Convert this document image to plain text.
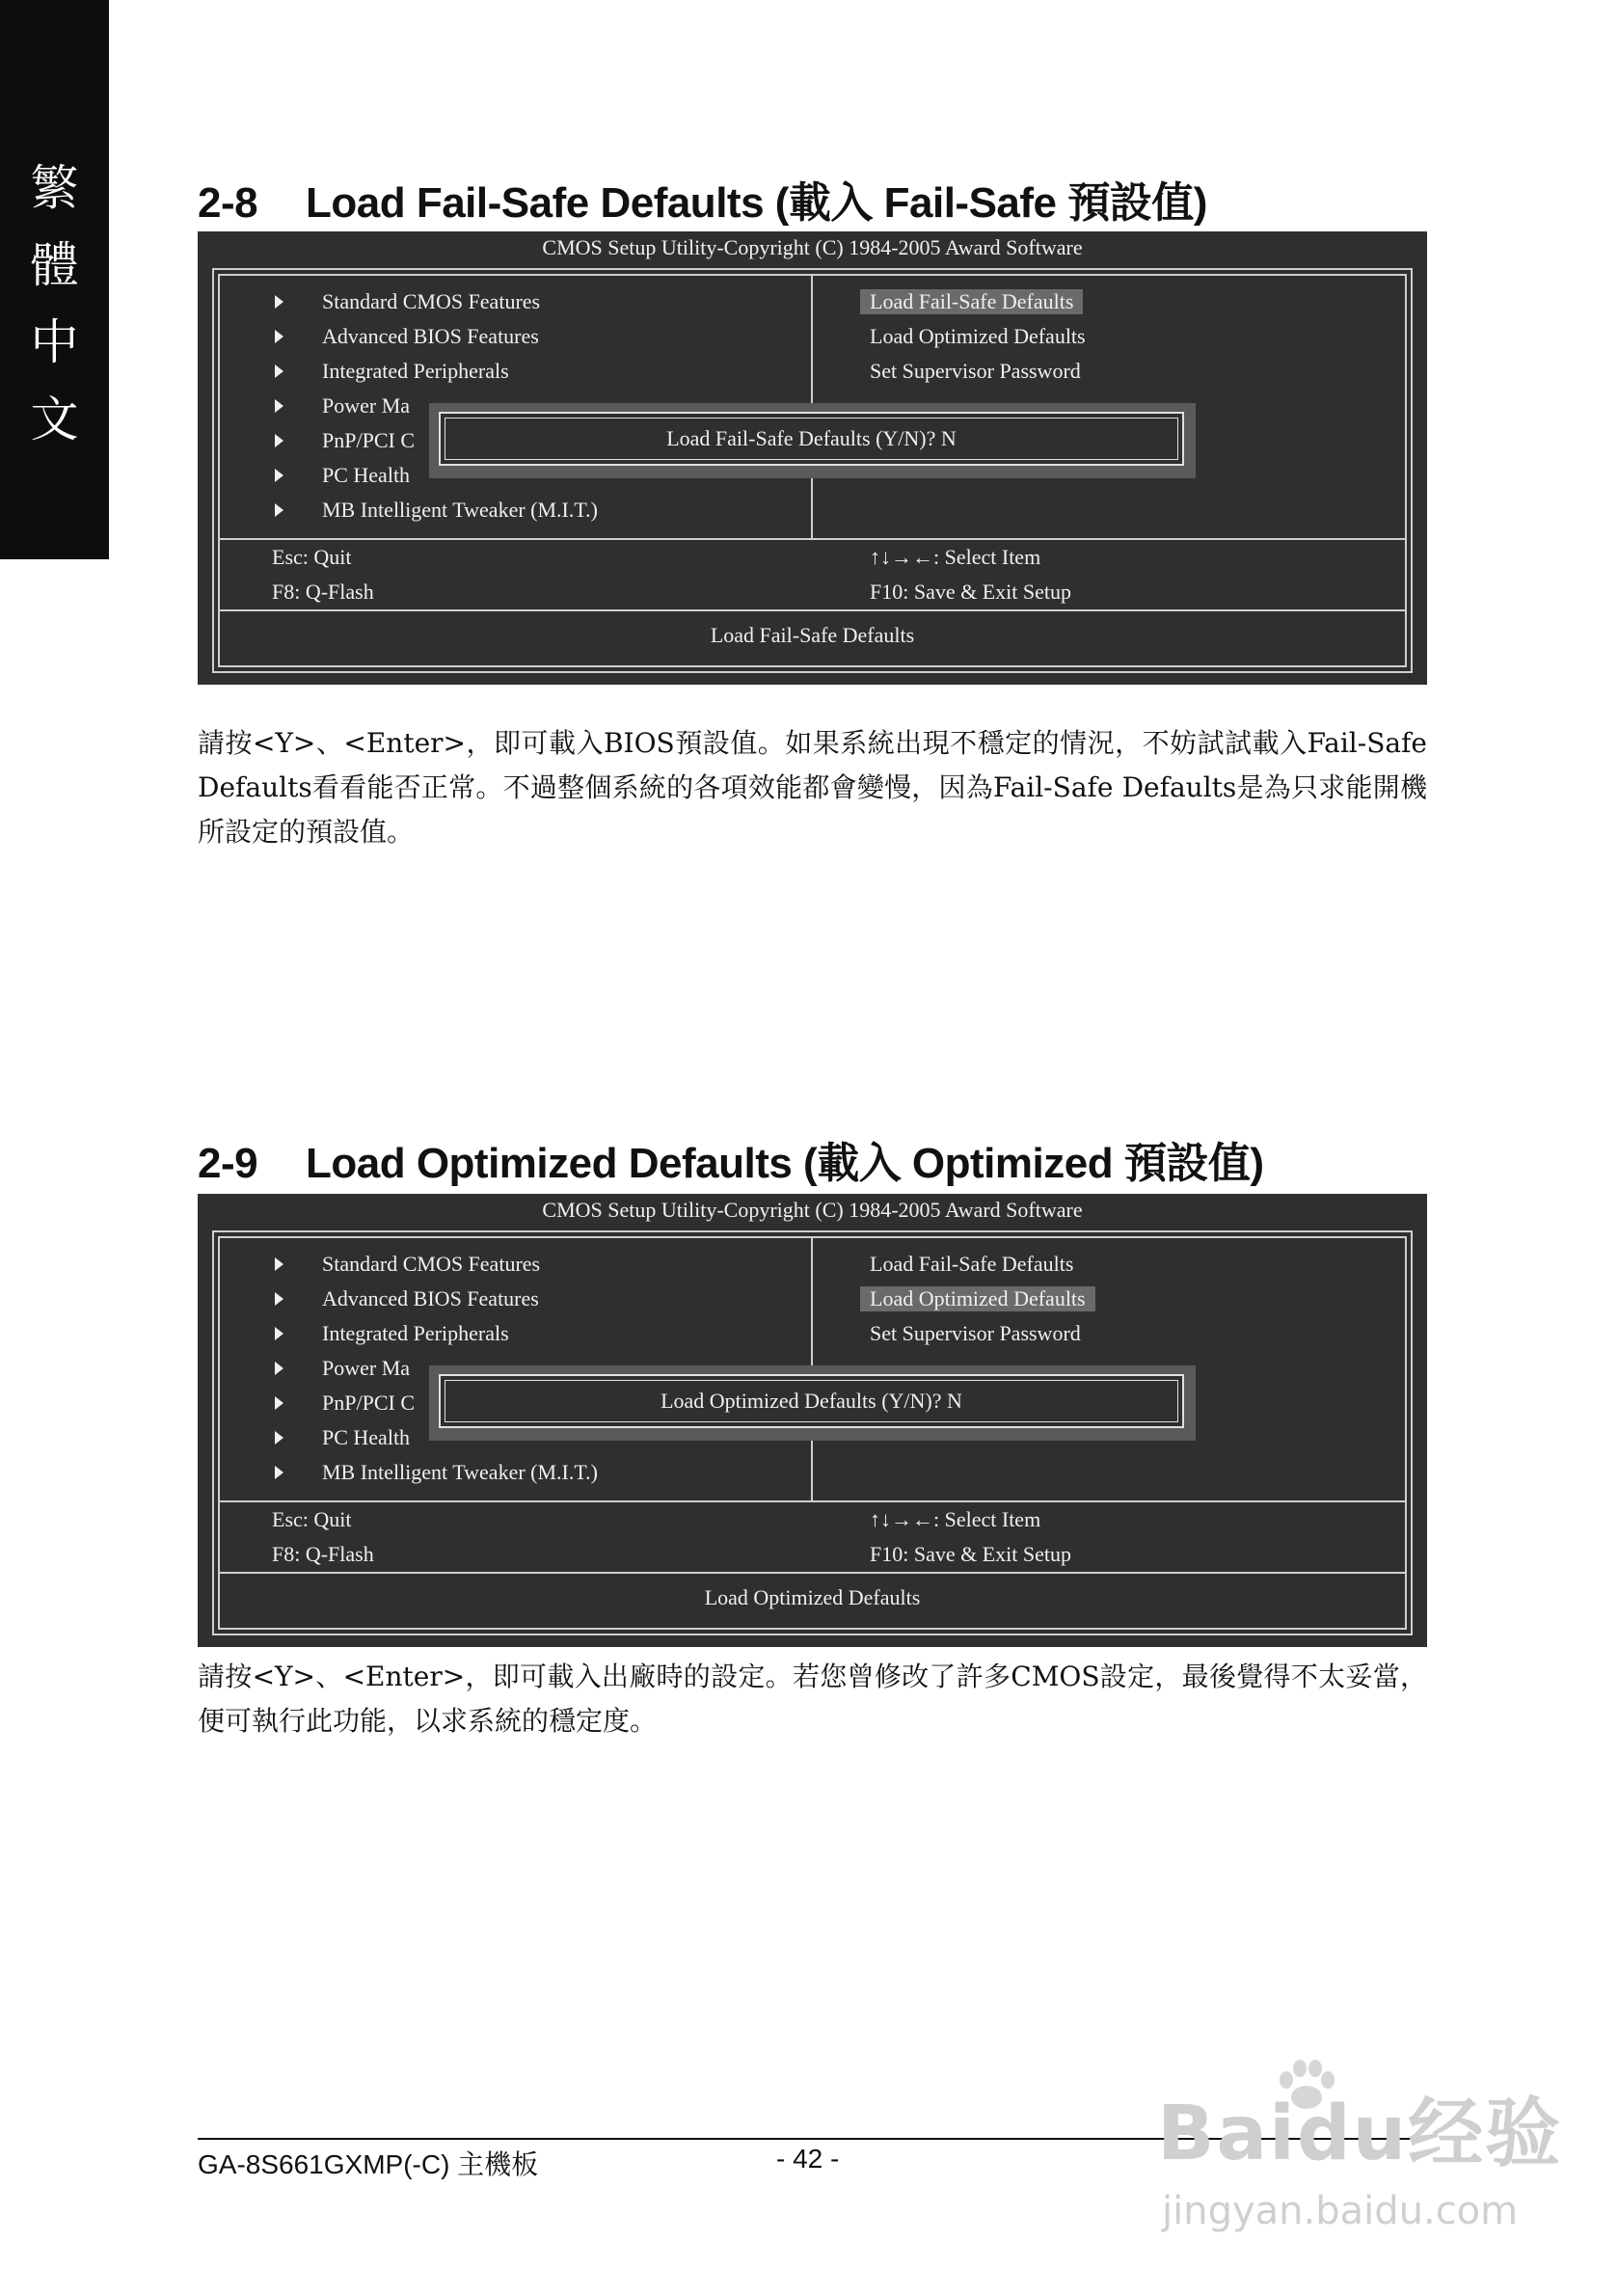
繁
體
中
文
2-8 Load Fail-Safe Defaults (載入 Fail-Safe 預設值)
CMOS Setup Utility-Copyright (C) 1984-2005 Award Software
Standard CMOS Features
Advanced BIOS Features
Integrated Peripherals
Power Ma
PnP/PCI C
PC Health
MB Intelligent Tweaker (M.I.T.)
Load Fail-Safe Defaults
Load Optimized Defaults
Set Supervisor Password
Load Fail-Safe Defaults (Y/N)? N
Esc: Quit
F8: Q-Flash
↑↓→←: Select Item
F10: Save & Exit Setup
Load Fail-Safe Defaults
請按<Y>、<Enter>，即可載入BIOS預設值。如果系統出現不穩定的情況，不妨試試載入Fail-Safe Defaults看看能否正常。不過整個系統的各項效能都會變慢，因為Fail-Safe Defaults是為只求能開機所設定的預設值。
2-9 Load Optimized Defaults (載入 Optimized 預設值)
CMOS Setup Utility-Copyright (C) 1984-2005 Award Software
Standard CMOS Features
Advanced BIOS Features
Integrated Peripherals
Power Ma
PnP/PCI C
PC Health
MB Intelligent Tweaker (M.I.T.)
Load Fail-Safe Defaults
Load Optimized Defaults
Set Supervisor Password
Load Optimized Defaults (Y/N)? N
Esc: Quit
F8: Q-Flash
↑↓→←: Select Item
F10: Save & Exit Setup
Load Optimized Defaults
請按<Y>、<Enter>，即可載入出廠時的設定。若您曾修改了許多CMOS設定，最後覺得不太妥當，便可執行此功能，以求系統的穩定度。
GA-8S661GXMP(-C) 主機板	- 42 -	Baidu经验
jingyan.baidu.com
